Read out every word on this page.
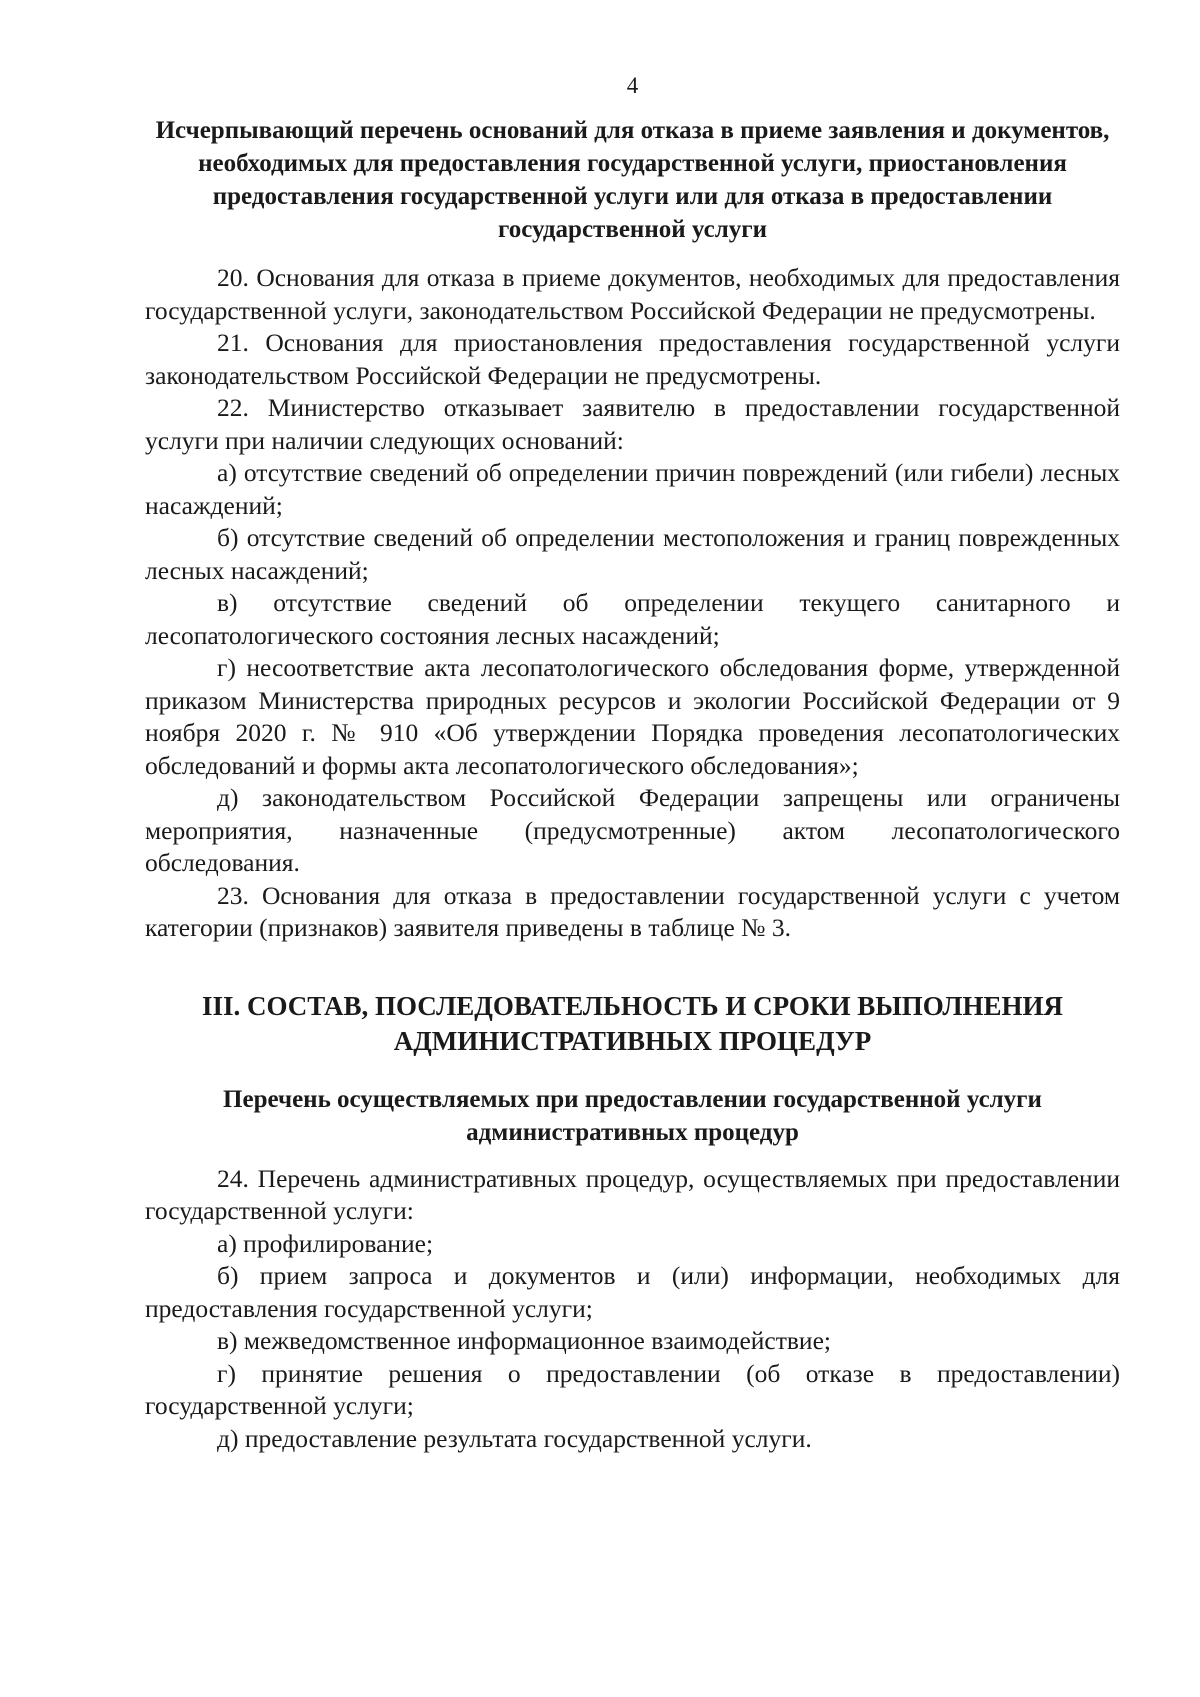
4
Исчерпывающий перечень оснований для отказа в приеме заявления и документов, необходимых для предоставления государственной услуги, приостановления предоставления государственной услуги или для отказа в предоставлении государственной услуги

20. Основания для отказа в приеме документов, необходимых для предоставления государственной услуги, законодательством Российской Федерации не предусмотрены.

21. Основания для приостановления предоставления государственной услуги законодательством Российской Федерации не предусмотрены.

22. Министерство отказывает заявителю в предоставлении государственной услуги при наличии следующих оснований:

а) отсутствие сведений об определении причин повреждений (или гибели) лесных насаждений;

б) отсутствие сведений об определении местоположения и границ поврежденных лесных насаждений;

в) отсутствие сведений об определении текущего санитарного и лесопатологического состояния лесных насаждений;

г) несоответствие акта лесопатологического обследования форме, утвержденной приказом Министерства природных ресурсов и экологии Российской Федерации от 9 ноября 2020 г. № 910 «Об утверждении Порядка проведения лесопатологических обследований и формы акта лесопатологического обследования»;

д) законодательством Российской Федерации запрещены или ограничены мероприятия, назначенные (предусмотренные) актом лесопатологического обследования.

23. Основания для отказа в предоставлении государственной услуги с учетом категории (признаков) заявителя приведены в таблице № 3.

III. СОСТАВ, ПОСЛЕДОВАТЕЛЬНОСТЬ И СРОКИ ВЫПОЛНЕНИЯ АДМИНИСТРАТИВНЫХ ПРОЦЕДУР
Перечень осуществляемых при предоставлении государственной услуги административных процедур

24. Перечень административных процедур, осуществляемых при предоставлении государственной услуги:

а) профилирование;

б) прием запроса и документов и (или) информации, необходимых для предоставления государственной услуги;

в) межведомственное информационное взаимодействие;

г) принятие решения о предоставлении (об отказе в предоставлении) государственной услуги;

д) предоставление результата государственной услуги.
